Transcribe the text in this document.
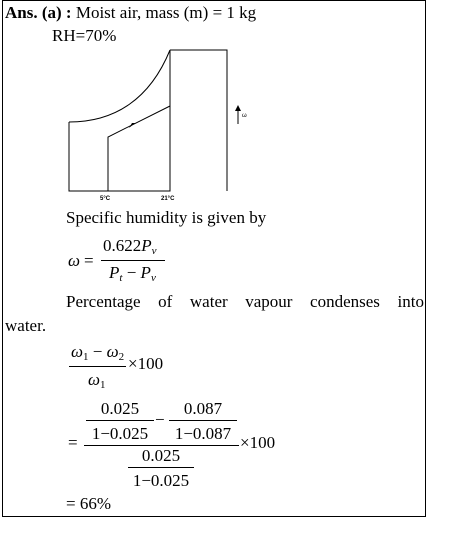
Ans. (a) : Moist air, mass (m) = 1 kg
RH=70%
ω
5°C	21°C
Specific humidity is given by
ω =
$0.622P_v$
$P_t - P_v$
Percentage of water vapour condenses into
water.
$\omega_1 - \omega_2$
$\omega_1$
×100
=
0.025
1−0.025
−
0.087
1−0.087 ×100
0.025
1−0.025
= 66%
